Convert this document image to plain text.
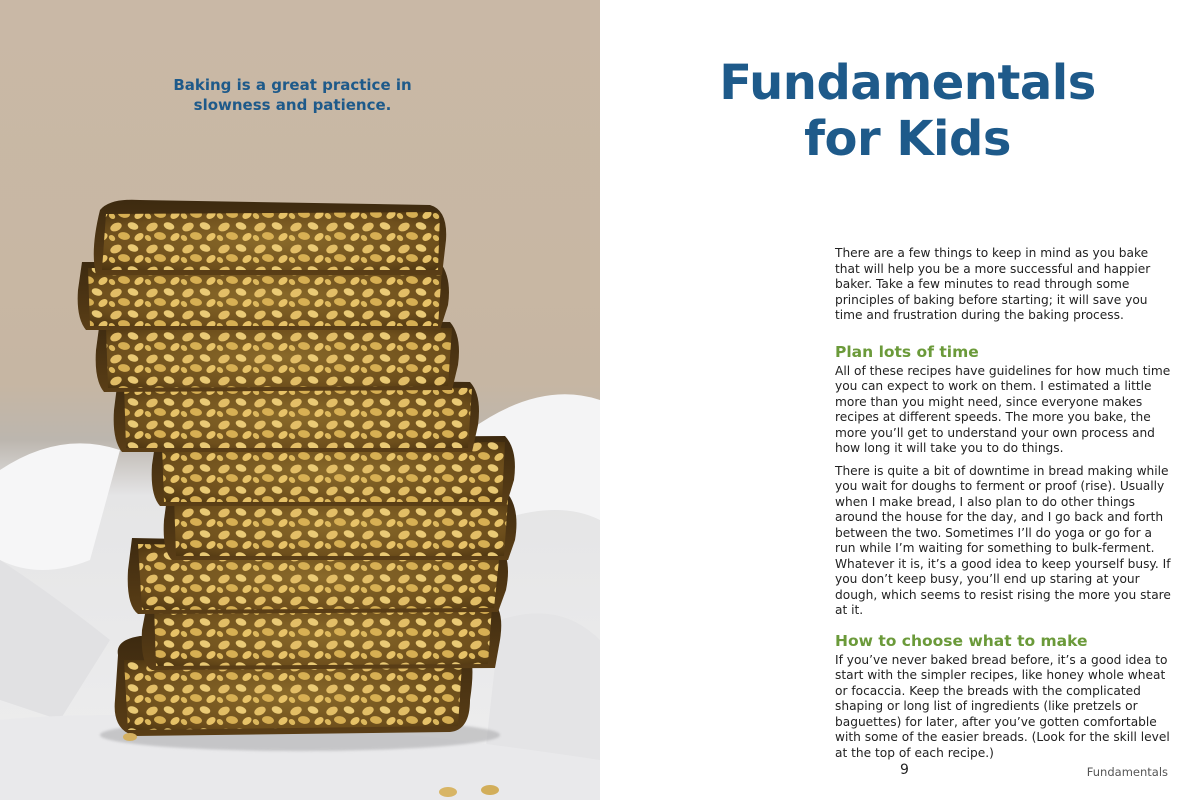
Baking is a great practice in slowness and patience.	Fundamentals
for Kids

There are a few things to keep in mind as you bake that will help you be a more successful and happier baker. Take a few minutes to read through some principles of baking before starting; it will save you time and frustration during the baking process.

Plan lots of time

All of these recipes have guidelines for how much time you can expect to work on them. I estimated a little more than you might need, since everyone makes recipes at different speeds. The more you bake, the more you’ll get to understand your own process and how long it will take you to do things.

There is quite a bit of downtime in bread making while you wait for doughs to ferment or proof (rise). Usually when I make bread, I also plan to do other things around the house for the day, and I go back and forth between the two. Sometimes I’ll do yoga or go for a run while I’m waiting for something to bulk-ferment. Whatever it is, it’s a good idea to keep yourself busy. If you don’t keep busy, you’ll end up staring at your dough, which seems to resist rising the more you stare at it.

How to choose what to make

If you’ve never baked bread before, it’s a good idea to start with the simpler recipes, like honey whole wheat or focaccia. Keep the breads with the complicated shaping or long list of ingredients (like pretzels or baguettes) for later, after you’ve gotten comfortable with some of the easier breads. (Look for the skill level at the top of each recipe.)

9	Fundamentals
